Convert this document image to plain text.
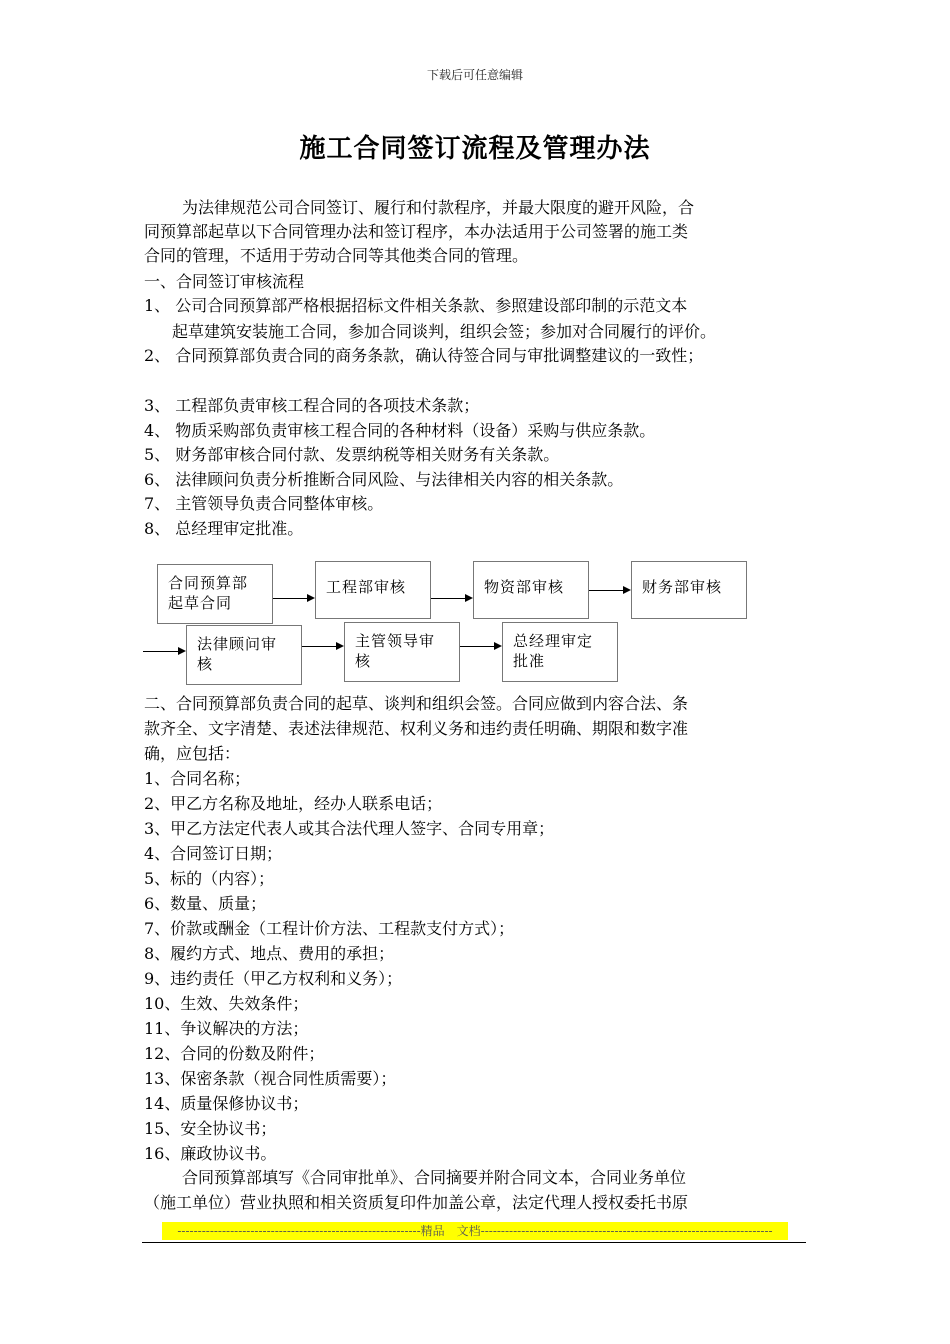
下载后可任意编辑
施工合同签订流程及管理办法
为法律规范公司合同签订、履行和付款程序，并最大限度的避开风险，合
同预算部起草以下合同管理办法和签订程序，本办法适用于公司签署的施工类
合同的管理，不适用于劳动合同等其他类合同的管理。
一、合同签订审核流程
1、 公司合同预算部严格根据招标文件相关条款、参照建设部印制的示范文本
起草建筑安装施工合同，参加合同谈判，组织会签；参加对合同履行的评价。
2、 合同预算部负责合同的商务条款，确认待签合同与审批调整建议的一致性；
3、 工程部负责审核工程合同的各项技术条款；
4、 物质采购部负责审核工程合同的各种材料（设备）采购与供应条款。
5、 财务部审核合同付款、发票纳税等相关财务有关条款。
6、 法律顾问负责分析推断合同风险、与法律相关内容的相关条款。
7、 主管领导负责合同整体审核。
8、 总经理审定批准。
合同预算部
起草合同
工程部审核	物资部审核	财务部审核
法律顾问审
核
主管领导审
核
总经理审定
批准
二、合同预算部负责合同的起草、谈判和组织会签。合同应做到内容合法、条
款齐全、文字清楚、表述法律规范、权利义务和违约责任明确、期限和数字准
确，应包括：
1、合同名称；
2、甲乙方名称及地址，经办人联系电话；
3、甲乙方法定代表人或其合法代理人签字、合同专用章；
4、合同签订日期；
5、标的（内容）；
6、数量、质量；
7、价款或酬金（工程计价方法、工程款支付方式）；
8、履约方式、地点、费用的承担；
9、违约责任（甲乙方权利和义务）；
10、生效、失效条件；
11、争议解决的方法；
12、合同的份数及附件；
13、保密条款（视合同性质需要）；
14、质量保修协议书；
15、安全协议书；
16、廉政协议书。
合同预算部填写《合同审批单》、合同摘要并附合同文本，合同业务单位
（施工单位）营业执照和相关资质复印件加盖公章，法定代理人授权委托书原
------------------------------------------------------------精品　文档------------------------------------------------------------------------
